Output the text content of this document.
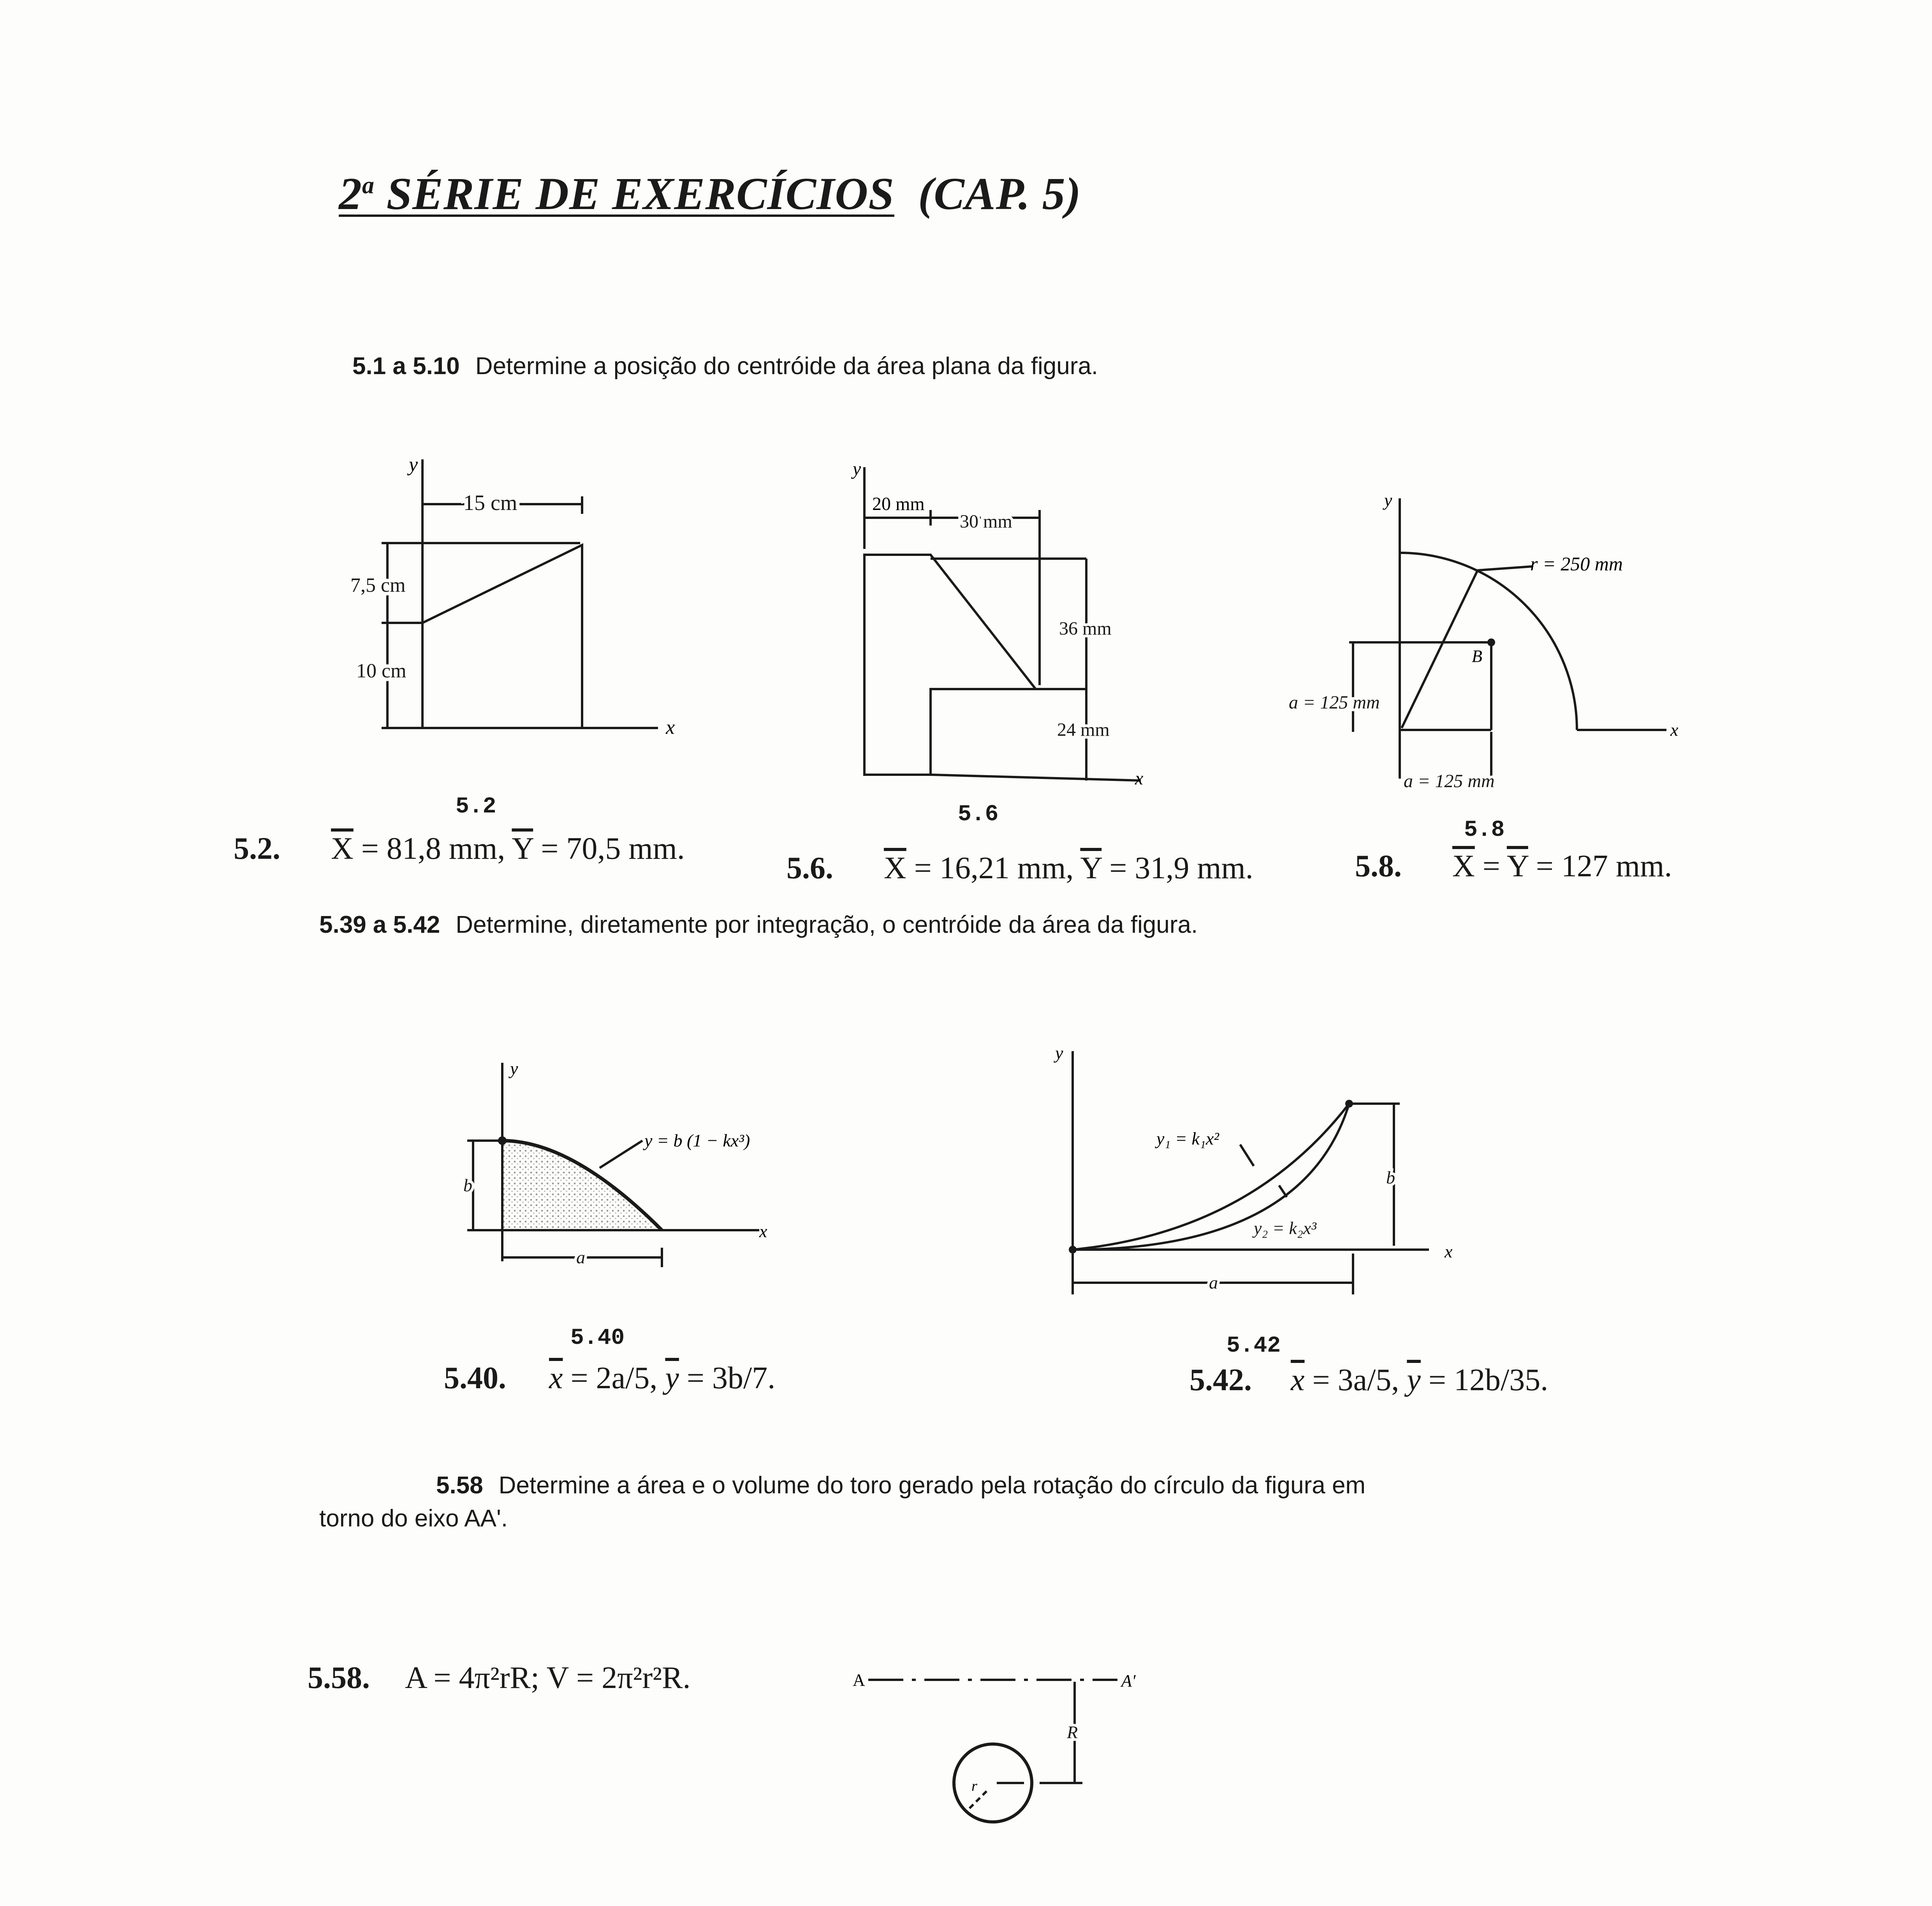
2$^a$ SÉRIE DE EXERCÍCIOS (CAP. 5)
5.1 a 5.10 Determine a posição do centróide da área plana da figura.
y
x
15 cm
7,5 cm
10 cm
5.2
y
x
20 mm
30 mm
36 mm
24 mm
5.6
y
x
r = 250 mm
B
a = 125 mm
a = 125 mm
5.8
5.2. $\overline{X} = 81,8$ mm, $\overline{Y} = 70,5$ mm.
5.6. $\overline{X} = 16,21$ mm, $\overline{Y} = 31,9$ mm.	5.8. $\overline{X} = \overline{Y} = 127$ mm.
5.39 a 5.42 Determine, diretamente por integração, o centróide da área da figura.
y
x
y = b (1 − kx³)
b
a
5.40
y
x
y₁ = k₁x²
y₂ = k₂x³
b
a
5.42
5.40. $\overline{x} = 2a/5$, $\overline{y} = 3b/7$.	5.42. $\overline{x} = 3a/5$, $\overline{y} = 12b/35$.
5.58 Determine a área e o volume do toro gerado pela rotação do círculo da figura em
torno do eixo AA'.
5.58. A = 4π²rR; V = 2π²r²R.	A	A'
R
r
